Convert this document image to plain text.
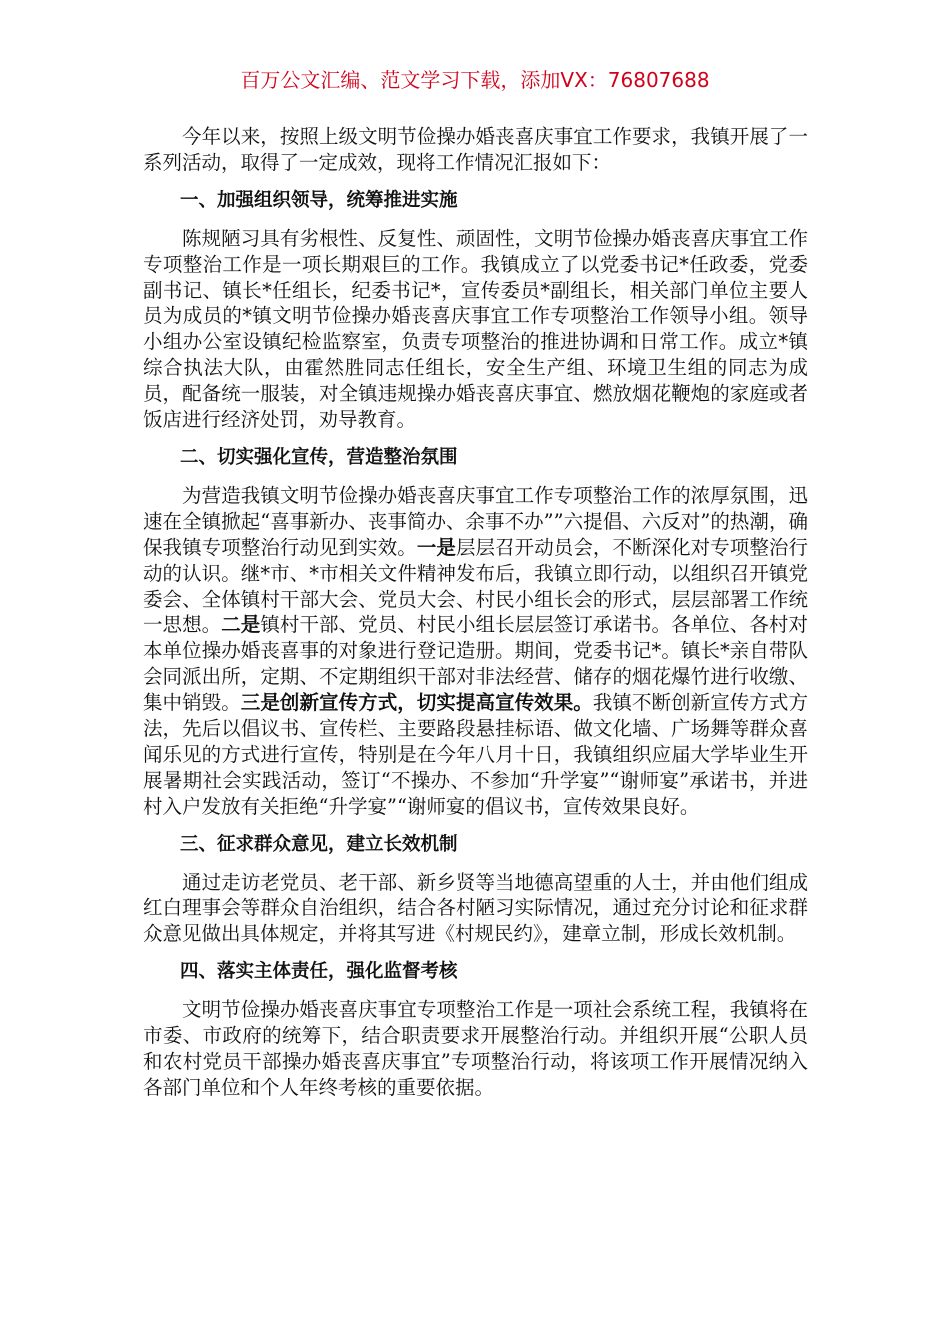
百万公文汇编、范文学习下载，添加VX：76807688

今年以来，按照上级文明节俭操办婚丧喜庆事宜工作要求，我镇开展了一系列活动，取得了一定成效，现将工作情况汇报如下：

一、加强组织领导，统筹推进实施

陈规陋习具有劣根性、反复性、顽固性，文明节俭操办婚丧喜庆事宜工作专项整治工作是一项长期艰巨的工作。我镇成立了以党委书记*任政委，党委副书记、镇长*任组长，纪委书记*，宣传委员*副组长，相关部门单位主要人员为成员的*镇文明节俭操办婚丧喜庆事宜工作专项整治工作领导小组。领导小组办公室设镇纪检监察室，负责专项整治的推进协调和日常工作。成立*镇综合执法大队，由霍然胜同志任组长，安全生产组、环境卫生组的同志为成员，配备统一服装，对全镇违规操办婚丧喜庆事宜、燃放烟花鞭炮的家庭或者饭店进行经济处罚，劝导教育。

二、切实强化宣传，营造整治氛围

为营造我镇文明节俭操办婚丧喜庆事宜工作专项整治工作的浓厚氛围，迅速在全镇掀起“喜事新办、丧事简办、余事不办””六提倡、六反对”的热潮，确保我镇专项整治行动见到实效。一是层层召开动员会，不断深化对专项整治行动的认识。继*市、*市相关文件精神发布后，我镇立即行动，以组织召开镇党委会、全体镇村干部大会、党员大会、村民小组长会的形式，层层部署工作统一思想。二是镇村干部、党员、村民小组长层层签订承诺书。各单位、各村对本单位操办婚丧喜事的对象进行登记造册。期间，党委书记*。镇长*亲自带队会同派出所，定期、不定期组织干部对非法经营、储存的烟花爆竹进行收缴、集中销毁。三是创新宣传方式，切实提高宣传效果。我镇不断创新宣传方式方法，先后以倡议书、宣传栏、主要路段悬挂标语、做文化墙、广场舞等群众喜闻乐见的方式进行宣传，特别是在今年八月十日，我镇组织应届大学毕业生开展暑期社会实践活动，签订“不操办、不参加“升学宴”“谢师宴”承诺书，并进村入户发放有关拒绝“升学宴”“谢师宴的倡议书，宣传效果良好。

三、征求群众意见，建立长效机制

通过走访老党员、老干部、新乡贤等当地德高望重的人士，并由他们组成红白理事会等群众自治组织，结合各村陋习实际情况，通过充分讨论和征求群众意见做出具体规定，并将其写进《村规民约》，建章立制，形成长效机制。

四、落实主体责任，强化监督考核

文明节俭操办婚丧喜庆事宜专项整治工作是一项社会系统工程，我镇将在市委、市政府的统筹下，结合职责要求开展整治行动。并组织开展“公职人员和农村党员干部操办婚丧喜庆事宜”专项整治行动，将该项工作开展情况纳入各部门单位和个人年终考核的重要依据。
